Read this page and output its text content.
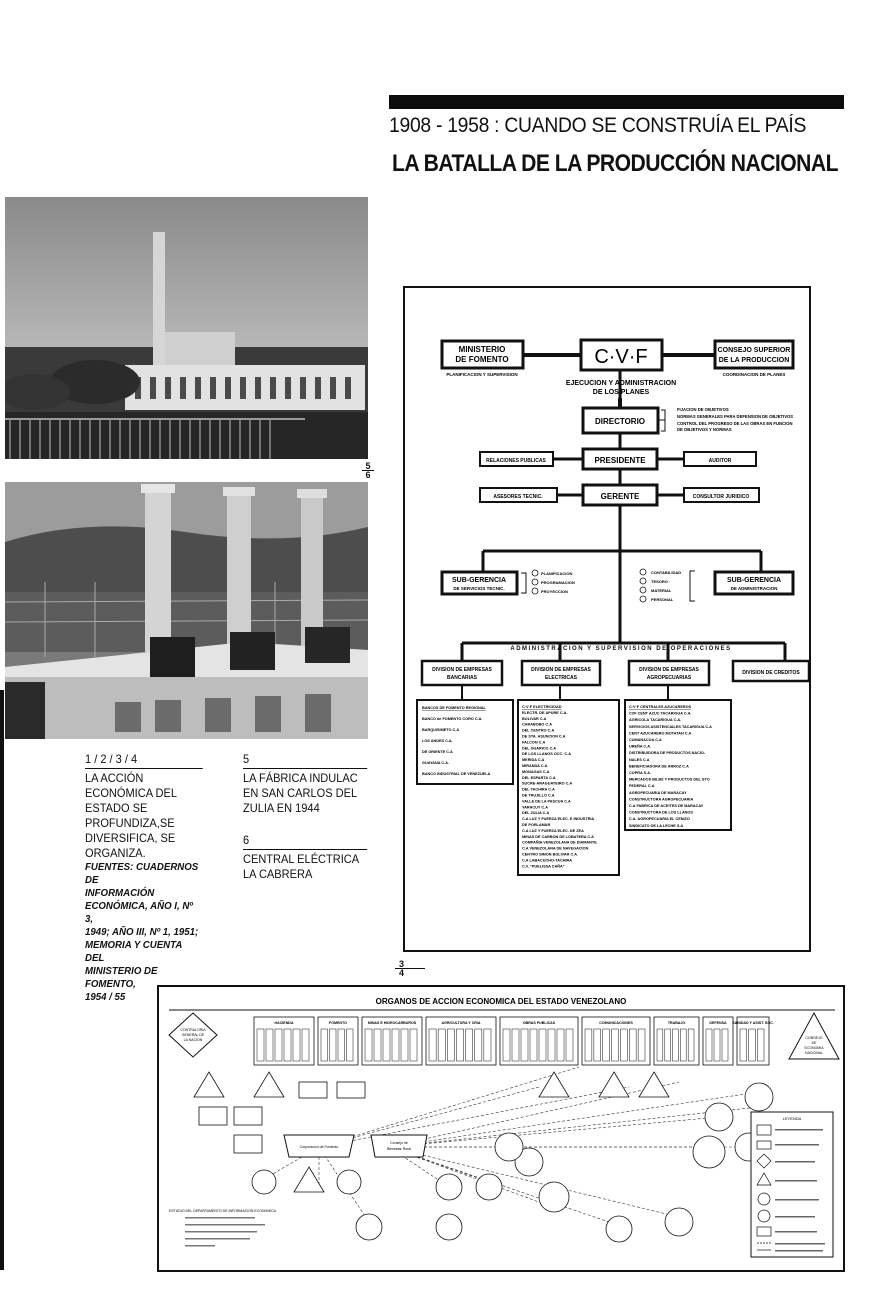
1908 - 1958 : CUANDO SE CONSTRUÍA EL PAÍS
LA BATALLA DE LA PRODUCCIÓN NACIONAL
5
6
1 / 2 / 3 / 4
LA ACCIÓN
ECONÓMICA DEL
ESTADO SE
PROFUNDIZA,SE
DIVERSIFICA, SE
ORGANIZA.
FUENTES: CUADERNOS DE
INFORMACIÓN
ECONÓMICA, AÑO I, Nº 3,
1949; AÑO III, Nº 1, 1951;
MEMORIA Y CUENTA DEL
MINISTERIO DE FOMENTO,
1954 / 55
5
LA FÁBRICA INDULAC
EN SAN CARLOS DEL
ZULIA EN 1944
6
CENTRAL ELÉCTRICA
LA CABRERA
MINISTERIO
DE FOMENTO
PLANIFICACION Y SUPERVISION
C·V·F
EJECUCION Y ADMINISTRACION
DE LOS PLANES
CONSEJO SUPERIOR
DE LA PRODUCCION
COORDINACION DE PLANES
DIRECTORIO
FIJACION DE OBJETIVOS
NORMAS GENERALES PARA DEFENSION DE OBJETIVOS
CONTROL DEL PROGRESO DE LAS OBRAS EN FUNCION
DE OBJETIVOS Y NORMAS
RELACIONES PUBLICAS	PRESIDENTE	AUDITOR
ASESORES TECNIC.	GERENTE	CONSULTOR JURIDICO
SUB-GERENCIA
DE SERVICIOS TECNIC.
PLANIFICACION
PROGRAMACION
PROYECCION
CONTABILIDAD
TESORO
MATERIAL
PERSONAL
SUB-GERENCIA
DE ADMINISTRACION
ADMINISTRACION Y SUPERVISION DE OPERACIONES
DIVISION DE EMPRESAS
BANCARIAS
DIVISION DE EMPRESAS
ELECTRICAS
DIVISION DE EMPRESAS
AGROPECUARIAS
DIVISION DE CREDITOS
BANCOS DE FOMENTO REGIONAL
BANCO de FOMENTO CORO C.A.
BARQUISIMETO C.A
LOS ANDES C.A.
DE ORIENTE C.A
GUAYANA C.A.
BANCO INDUSTRIAL DE VENEZUELA
C·V·F ELECTRICIDAD
ELECTR. DE APURE C.A.
BOLIVAR C.A
CARABOBO C.A
DEL CENTRO C.A
DE STA. ASUNCION C.A
FALCON C.A
DEL GUARICO C.A
DE LOS LLANOS OCC. C.A
MERIDA C.A
MIRANDA C.A
MONAGAS C.A
DEL ESPARTA C.A
SUCRE-ARAGUATEIRO C.A
DEL TACHIRA C.A
DE TRUJILLO C.A
VALLE DE LA PASCUA C.A
YARACUY C.A
DEL ZULIA C.A
C.A LUZ Y FUERZA ELEC. E INDUSTRIA
DE PORLAMAR
C.A LUZ Y FUERZA ELEC. DE ZEA
MINAS DE CARBON DE LOBATERA C.A
COMPAÑIA VENEZOLANA DE DIAMANTE
C.A VENEZOLANA DE NAVEGACION
CENTRO SIMON BOLIVAR C.A.
C.A LABACUCHO-TACHIRA
C.V. "PUELISSA CAÑA"
C·V·F CENTRALES AZUCAREROS
CVF CENT AZUC TACARIGUA C.A.
AGRICOLA TACARIGUA C.A.
SERVICIOS ASISTENCIALES TACARIGUA C.A
CENT AZUCARERO MOTATAN C.A
CUMANACOA C.A
UREÑA C.A.
DISTRIBUIDORA DE PRODUCTOS NACIO-
NALES C.A
BENEFICIADORA DE ARROZ C.A
COPRA S.A.
MERCADOS BILBS Y PRODUCTOS DEL STO
FEDERAL C.A
AGROPECUARIA DE MARACAY
CONSTRUCTORA AGROPECUARIA
C.A FABRICA DE ACEITES DE MARACAY
CONSTRUCTORA DE LOS LLANOS
C.A. AGROPECUARIA EL CENIZO
SINDICATO DE LA LECHE S.A
3
4
ORGANOS DE ACCION ECONOMICA DEL ESTADO VENEZOLANO
CONTRALORIA
GENERAL DE
LA NACION	CONSEJO
DE
ECONOMIA
NACIONAL
HACIENDA	FOMENTO	MINAS E HIDROCARBUROS	AGRICULTURA Y CRIA	OBRAS PUBLICAS	COMUNICACIONES	TRABAJO	DEFENSA SANIDAD Y ASIST. SOC.
Corporacion de Fomento
Consejo de
Bienestar Rural
LEYENDA
ESTUDIO DEL DEPARTAMENTO DE INFORMACION ECONOMICA
